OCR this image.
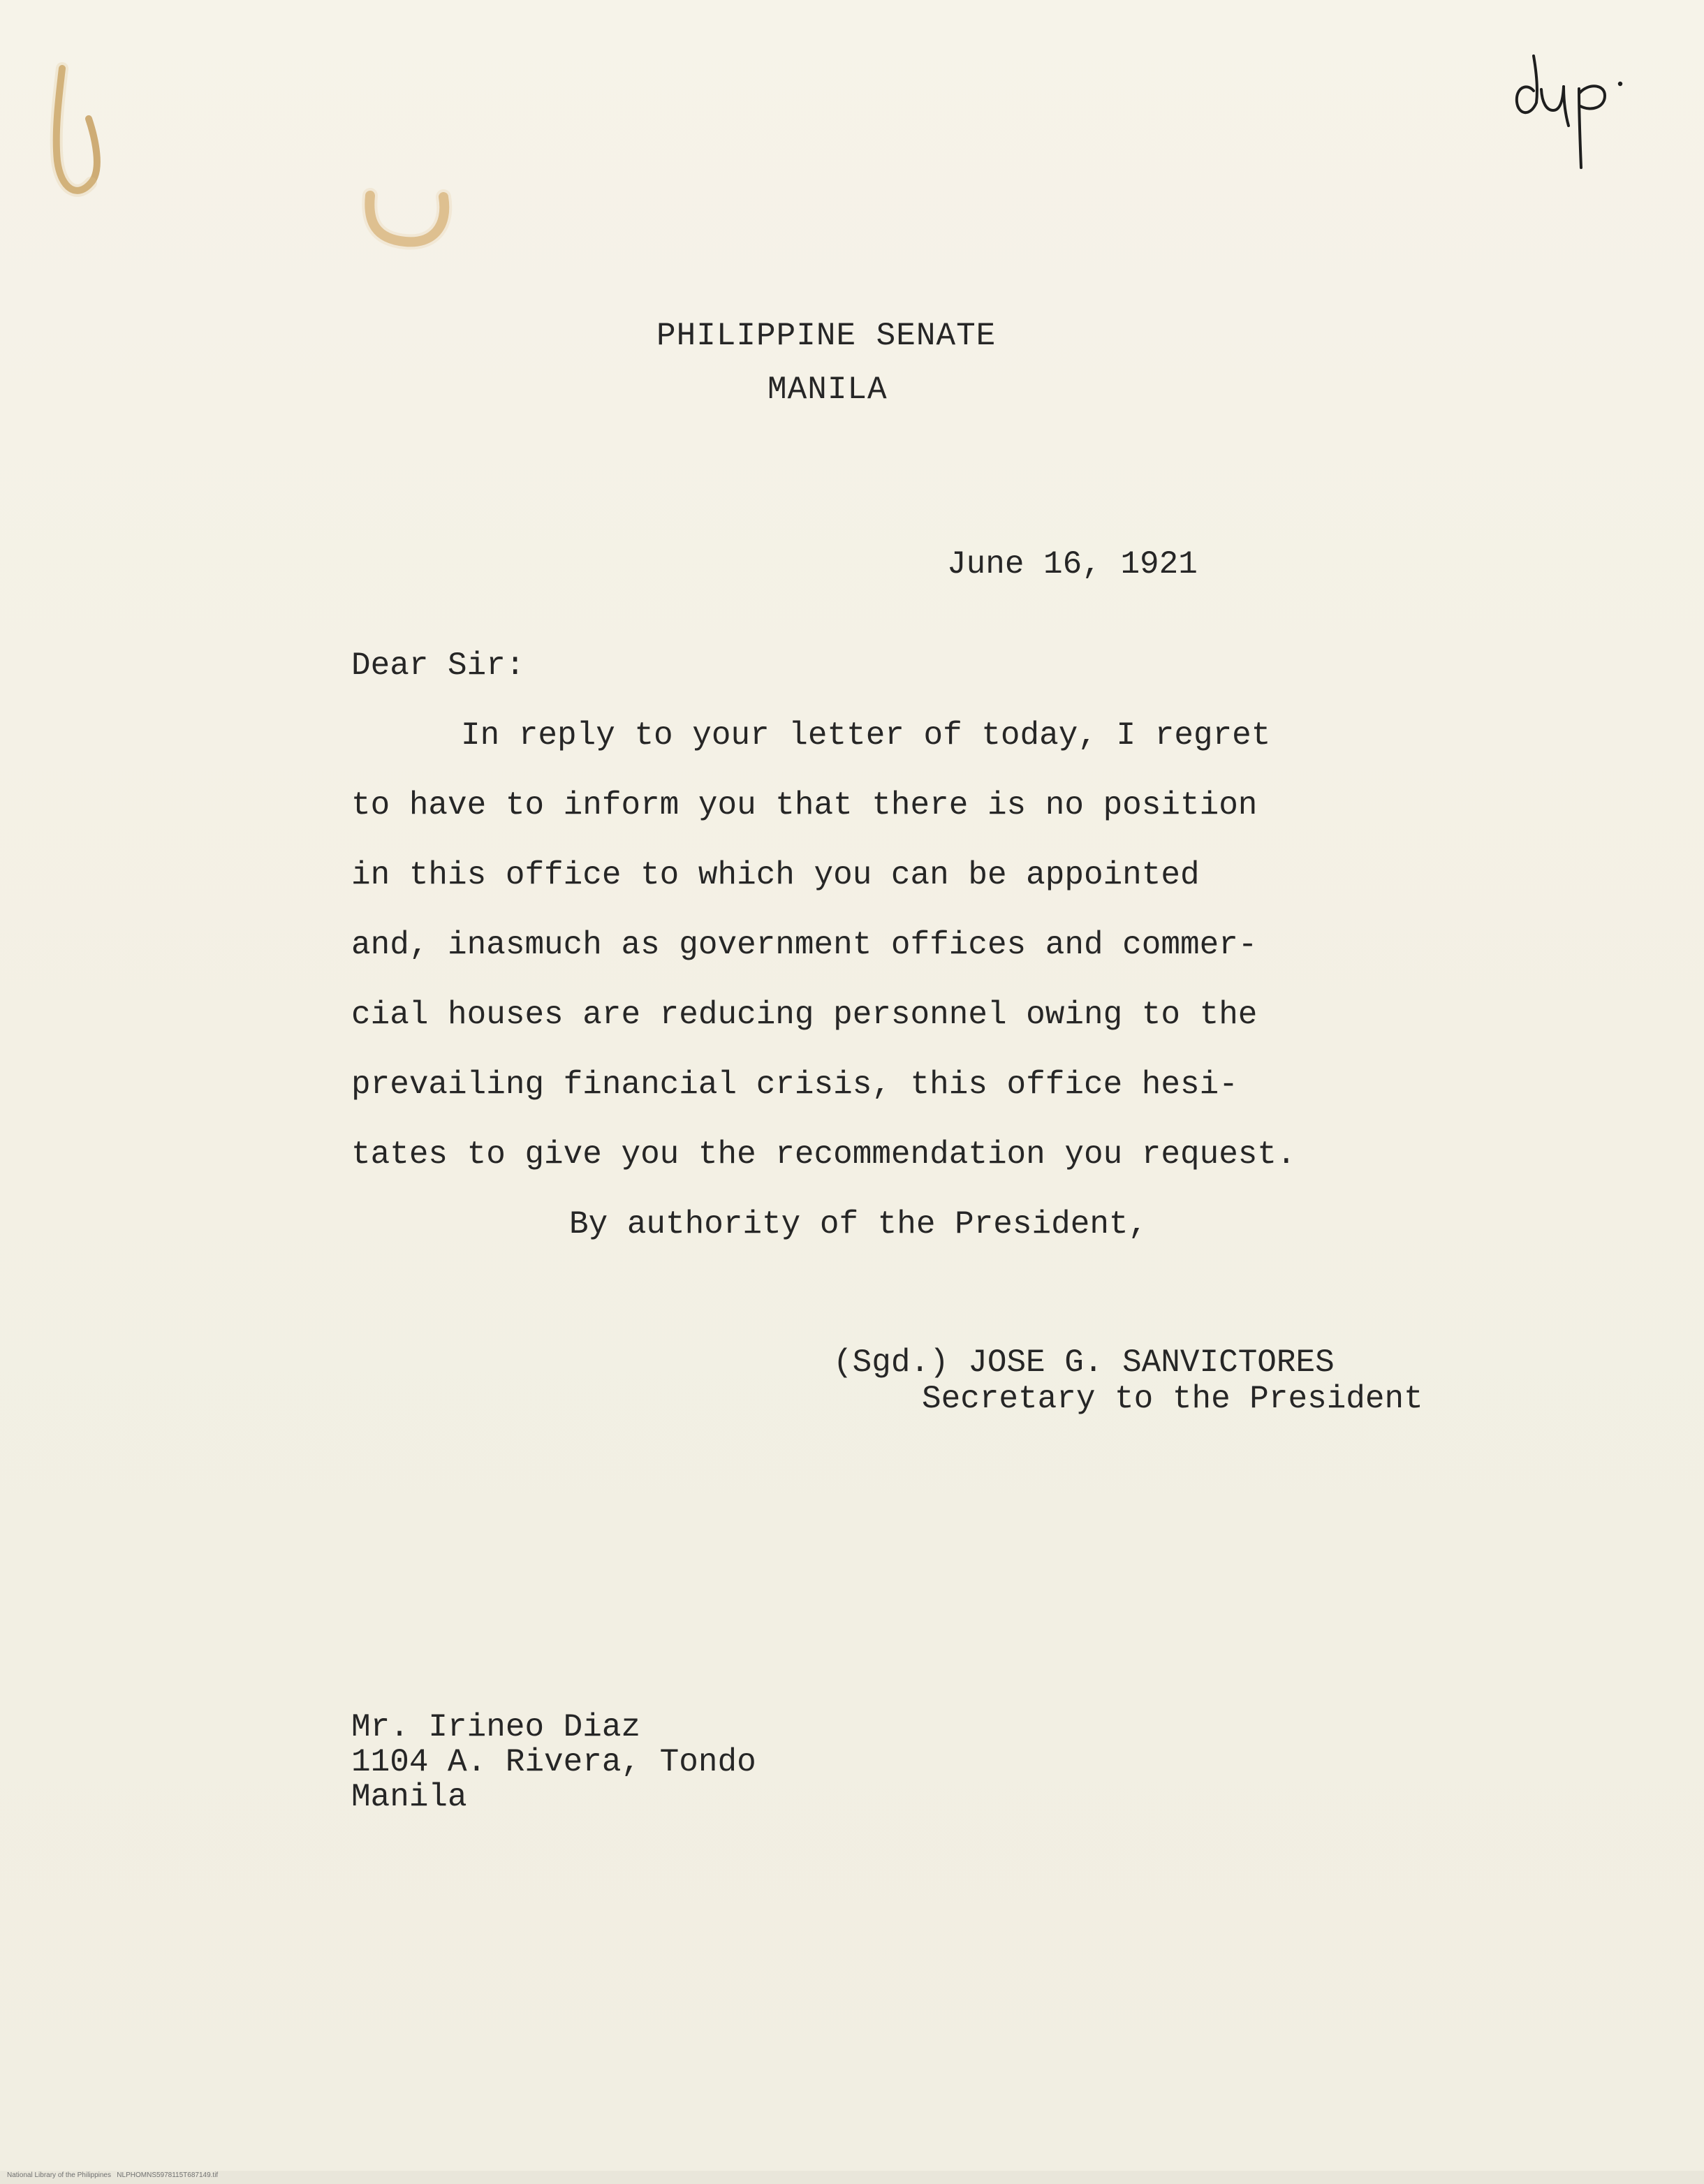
PHILIPPINE SENATE
MANILA
June 16, 1921
Dear Sir:
In reply to your letter of today, I regret
to have to inform you that there is no position
in this office to which you can be appointed
and, inasmuch as government offices and commer-
cial houses are reducing personnel owing to the
prevailing financial crisis, this office hesi-
tates to give you the recommendation you request.
By authority of the President,
(Sgd.) JOSE G. SANVICTORES
Secretary to the President
Mr. Irineo Diaz
1104 A. Rivera, Tondo
Manila
National Library of the Philippines   NLPHOMNS5978115T687149.tif
